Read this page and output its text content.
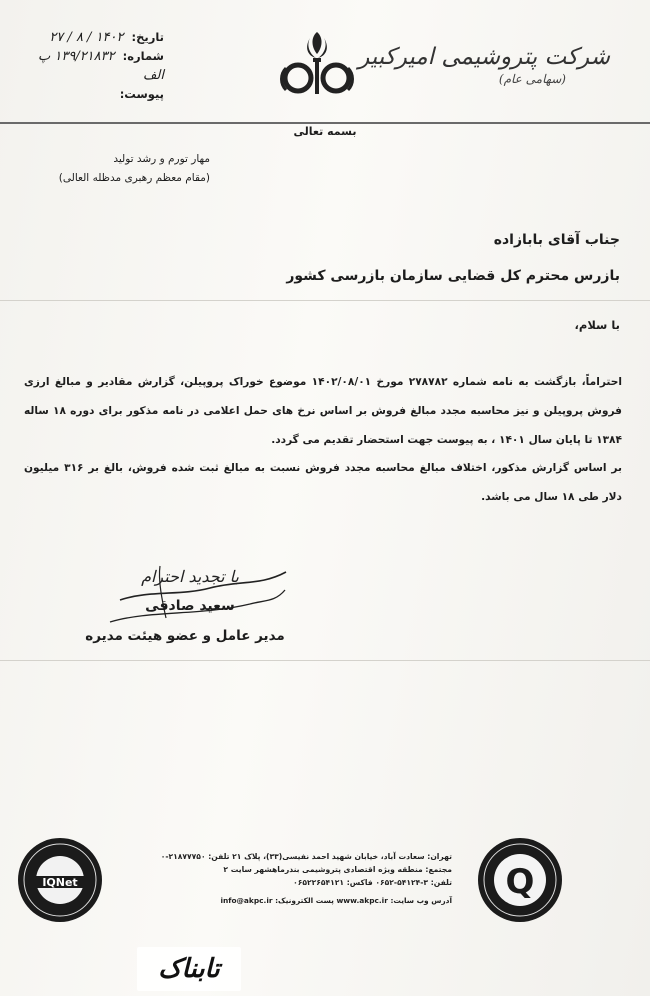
شرکت پتروشیمی امیرکبیر
(سهامی عام)
بسمه تعالی
تاریخ: ۱۴۰۲ / ۸ / ۲۷
شماره: ۱۳۹/۲۱۸۳۲ پ الف
پیوست:
مهار تورم و رشد تولید
(مقام معظم رهبری مدظله العالی)
جناب آقای بابازاده
بازرس محترم کل قضایی سازمان بازرسی کشور
با سلام،

احتراماً، بازگشت به نامه شماره ۲۷۸۷۸۲ مورخ ۱۴۰۲/۰۸/۰۱ موضوع خوراک پروپیلن، گزارش مقادیر و مبالغ ارزی فروش پروپیلن و نیز محاسبه مجدد مبالغ فروش بر اساس نرخ های حمل اعلامی در نامه مذکور برای دوره ۱۸ ساله ۱۳۸۴ تا پایان سال ۱۴۰۱ ، به پیوست جهت استحضار تقدیم می گردد.

بر اساس گزارش مذکور، اختلاف مبالغ محاسبه مجدد فروش نسبت به مبالغ ثبت شده فروش، بالغ بر ۳۱۶ میلیون دلار طی ۱۸ سال می باشد.

با تجدید احترام
سعید صادقی
مدیر عامل و عضو هیئت مدیره
IQNet
تهران: سعادت آباد، خیابان شهید احمد نفیسی(۳۳)، پلاک ۲۱ تلفن: ۲۱۸۷۷۷۵۰-۰
مجتمع: منطقه ویژه اقتصادی پتروشیمی بندرماهشهر سایت ۲
تلفن: ۳-۵۴۱۲۴-۰۶۵۲ فاکس: ۰۶۵۲۲۶۵۴۱۲۱
آدرس وب سایت: www.akpc.ir پست الکترونیک: info@akpc.ir	Q
تابناک
